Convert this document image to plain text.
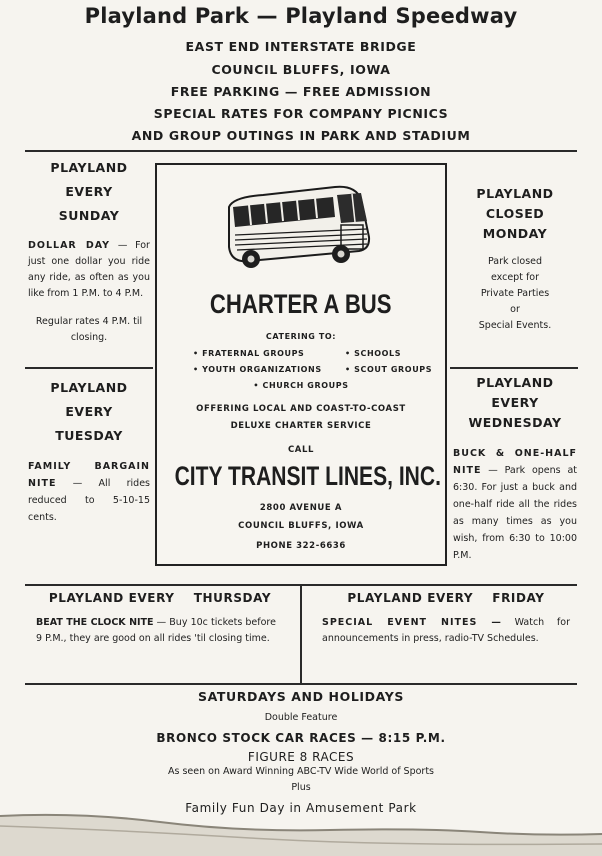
Playland Park — Playland Speedway
EAST END INTERSTATE BRIDGE
COUNCIL BLUFFS, IOWA
FREE PARKING — FREE ADMISSION
SPECIAL RATES FOR COMPANY PICNICS
AND GROUP OUTINGS IN PARK AND STADIUM
PLAYLAND EVERY
SUNDAY
DOLLAR DAY — For just one dollar you ride any ride, as often as you like from 1 P.M. to 4 P.M.
Regular rates 4 P.M. til closing.
PLAYLAND
CLOSED
MONDAY
Park closed
except for
Private Parties
or
Special Events.
PLAYLAND EVERY
TUESDAY
FAMILY BARGAIN NITE — All rides reduced to 5-10-15 cents.
PLAYLAND EVERY
WEDNESDAY
BUCK & ONE-HALF NITE — Park opens at 6:30. For just a buck and one-half ride all the rides as many times as you wish, from 6:30 to 10:00 P.M.
CHARTER A BUS
CATERING TO:
• FRATERNAL GROUPS	• SCHOOLS
• YOUTH ORGANIZATIONS	• SCOUT GROUPS
• CHURCH GROUPS
OFFERING LOCAL AND COAST-TO-COAST
DELUXE CHARTER SERVICE
CALL
CITY TRANSIT LINES, INC.
2800 AVENUE A
COUNCIL BLUFFS, IOWA
PHONE 322-6636
PLAYLAND EVERY THURSDAY
BEAT THE CLOCK NITE — Buy 10c tickets before 9 P.M., they are good on all rides 'til closing time.
PLAYLAND EVERY FRIDAY
SPECIAL EVENT NITES — Watch for announcements in press, radio-TV Schedules.
SATURDAYS AND HOLIDAYS
Double Feature
BRONCO STOCK CAR RACES — 8:15 P.M.
FIGURE 8 RACES
As seen on Award Winning ABC-TV Wide World of Sports
Plus
Family Fun Day in Amusement Park
